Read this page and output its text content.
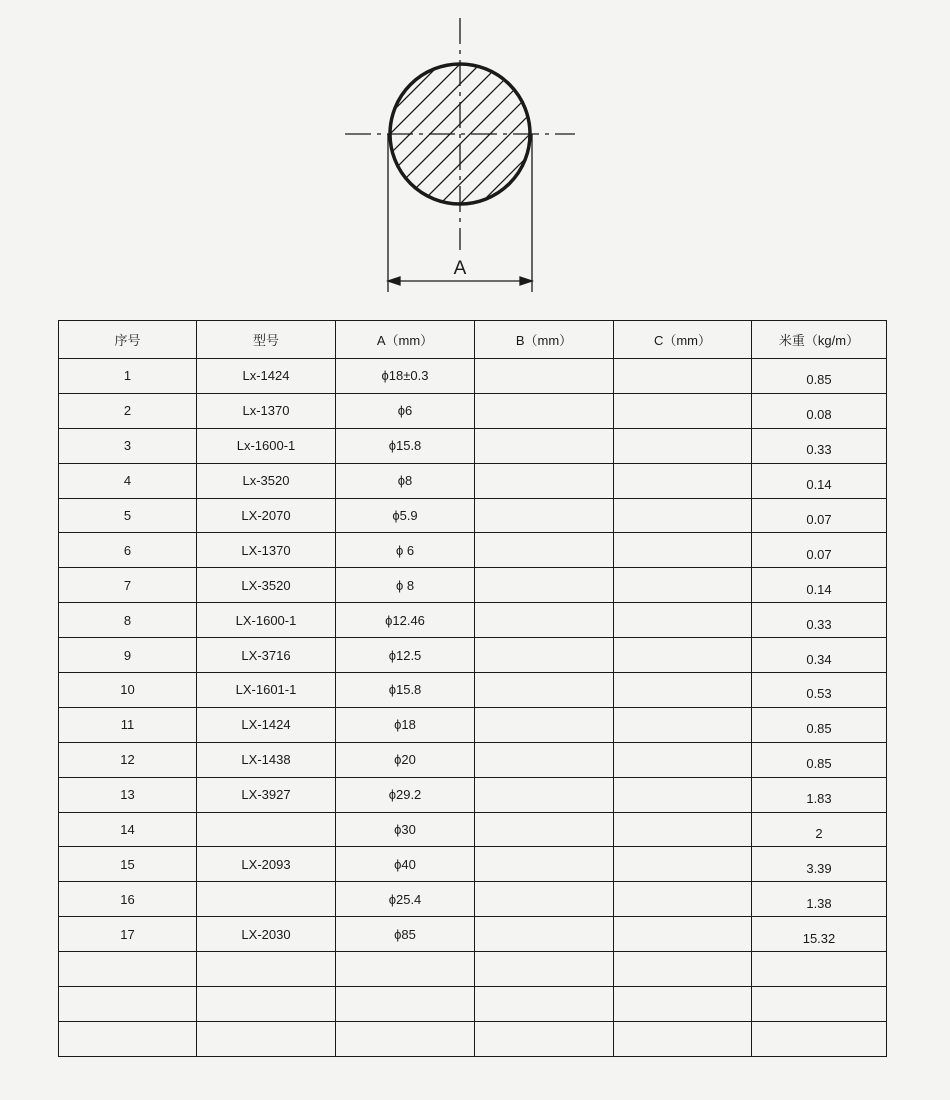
A
序号	型号	A（mm）	B（mm）	C（mm）	米重（kg/m）
1	Lx-1424	ϕ18±0.3			0.85
2	Lx-1370	ϕ6			0.08
3	Lx-1600-1	ϕ15.8			0.33
4	Lx-3520	ϕ8			0.14
5	LX-2070	ϕ5.9			0.07
6	LX-1370	ϕ 6			0.07
7	LX-3520	ϕ 8			0.14
8	LX-1600-1	ϕ12.46			0.33
9	LX-3716	ϕ12.5			0.34
10	LX-1601-1	ϕ15.8			0.53
11	LX-1424	ϕ18			0.85
12	LX-1438	ϕ20			0.85
13	LX-3927	ϕ29.2			1.83
14		ϕ30			2
15	LX-2093	ϕ40			3.39
16		ϕ25.4			1.38
17	LX-2030	ϕ85			15.32
